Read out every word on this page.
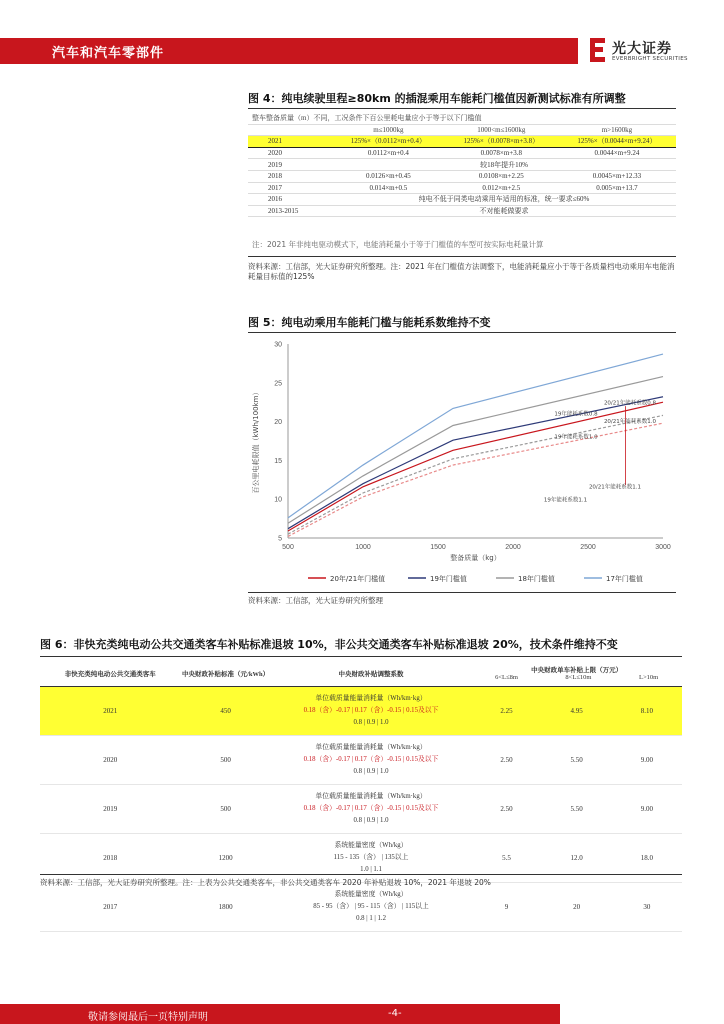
汽车和汽车零部件	光大证券
EVERBRIGHT SECURITIES
图 4：纯电续驶里程≥80km 的插混乘用车能耗门槛值因新测试标准有所调整
整车整备质量（m）不同，工况条件下百公里耗电量应小于等于以下门槛值			
	m≤1000kg	1000<m≤1600kg	m>1600kg
2021	125%×（0.0112×m+0.4）	125%×（0.0078×m+3.8）	125%×（0.0044×m+9.24）
2020	0.0112×m+0.4	0.0078×m+3.8	0.0044×m+9.24
2019	较18年提升10%		
2018	0.0126×m+0.45	0.0108×m+2.25	0.0045×m+12.33
2017	0.014×m+0.5	0.012×m+2.5	0.005×m+13.7
2016	纯电不低于同类电动乘用车适用的标准，统一要求≤60%		
2013-2015	不对能耗做要求		
注：2021 年非纯电驱动模式下，电能消耗量小于等于门槛值的车型可按实际电耗量计算
资料来源：工信部，光大证券研究所整理。注：2021 年在门槛值方法调整下，电能消耗量应小于等于各质量档电动乘用车电能消耗量目标值的125%
图 5：纯电动乘用车能耗门槛与能耗系数维持不变
500	1000	1500	2000	2500	3000
5
10
15
20
25
30
整备质量（kg）
百公里电耗限值（kWh/100km）	20/21年能耗系数0.8
19年能耗系数0.8
20/21年能耗系数1.0
19年能耗系数1.0
20/21年能耗系数1.1
19年能耗系数1.1
20年/21年门槛值	19年门槛值	18年门槛值	17年门槛值
资料来源：工信部，光大证券研究所整理
图 6：非快充类纯电动公共交通类客车补贴标准退坡 10%，非公共交通类客车补贴标准退坡 20%，技术条件维持不变
非快充类纯电动公共交通类客车	中央财政补贴标准（元/kWh）	中央财政补贴调整系数	中央财政单车补贴上限（万元）
6<L≤8m 8<L≤10m L>10m		

2021	450	单位载质量能量消耗量（Wh/km·kg）
0.18（含）-0.17 | 0.17（含）-0.15 | 0.15及以下
0.8 | 0.9 | 1.0	2.25	4.95	8.10
2020	500	单位载质量能量消耗量（Wh/km·kg）
0.18（含）-0.17 | 0.17（含）-0.15 | 0.15及以下
0.8 | 0.9 | 1.0	2.50	5.50	9.00
2019	500	单位载质量能量消耗量（Wh/km·kg）
0.18（含）-0.17 | 0.17（含）-0.15 | 0.15及以下
0.8 | 0.9 | 1.0	2.50	5.50	9.00
2018	1200	系统能量密度（Wh/kg）
115 - 135（含） | 135以上
1.0 | 1.1	5.5	12.0	18.0
2017	1800	系统能量密度（Wh/kg）
85 - 95（含） | 95 - 115（含） | 115以上
0.8 | 1 | 1.2	9	20	30
资料来源：工信部，光大证券研究所整理。注：上表为公共交通类客车，非公共交通类客车 2020 年补贴退坡 10%，2021 年退坡 20%
敬请参阅最后一页特别声明	-4-
